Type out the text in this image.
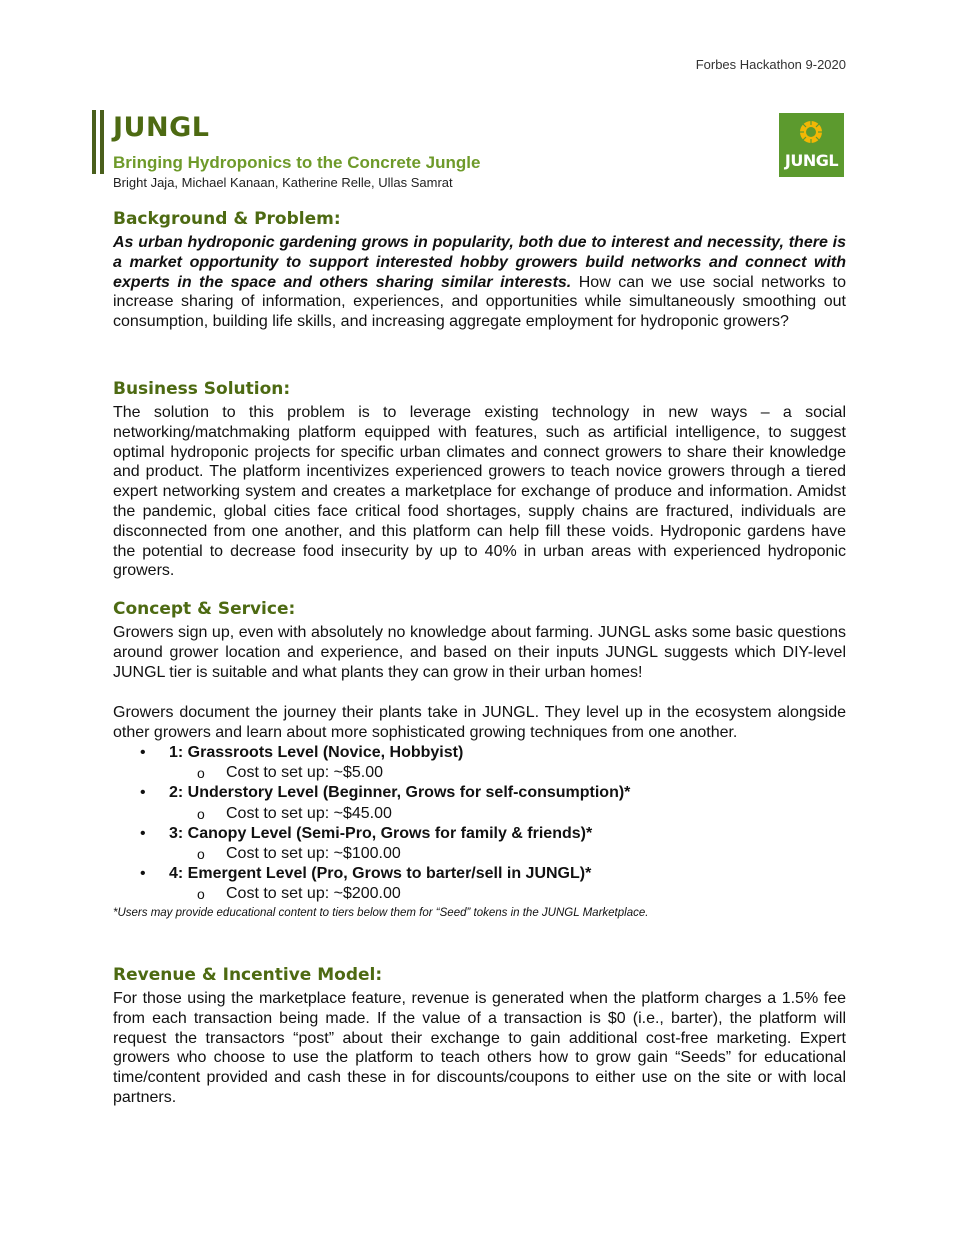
Forbes Hackathon 9-2020
JUNGL
Bringing Hydroponics to the Concrete Jungle
Bright Jaja, Michael Kanaan, Katherine Relle, Ullas Samrat
JUNGL
Background & Problem:

As urban hydroponic gardening grows in popularity, both due to interest and necessity, there is a market opportunity to support interested hobby growers build networks and connect with experts in the space and others sharing similar interests. How can we use social networks to increase sharing of information, experiences, and opportunities while simultaneously smoothing out consumption, building life skills, and increasing aggregate employment for hydroponic growers?

Business Solution:

The solution to this problem is to leverage existing technology in new ways – a social networking/matchmaking platform equipped with features, such as artificial intelligence, to suggest optimal hydroponic projects for specific urban climates and connect growers to share their knowledge and product. The platform incentivizes experienced growers to teach novice growers through a tiered expert networking system and creates a marketplace for exchange of produce and information. Amidst the pandemic, global cities face critical food shortages, supply chains are fractured, individuals are disconnected from one another, and this platform can help fill these voids. Hydroponic gardens have the potential to decrease food insecurity by up to 40% in urban areas with experienced hydroponic growers.

Concept & Service:

Growers sign up, even with absolutely no knowledge about farming. JUNGL asks some basic questions around grower location and experience, and based on their inputs JUNGL suggests which DIY-level JUNGL tier is suitable and what plants they can grow in their urban homes!

Growers document the journey their plants take in JUNGL. They level up in the ecosystem alongside other growers and learn about more sophisticated growing techniques from one another.

• 1: Grassroots Level (Novice, Hobbyist)
o Cost to set up: ~$5.00
• 2: Understory Level (Beginner, Grows for self-consumption)*
o Cost to set up: ~$45.00
• 3: Canopy Level (Semi-Pro, Grows for family & friends)*
o Cost to set up: ~$100.00
• 4: Emergent Level (Pro, Grows to barter/sell in JUNGL)*
o Cost to set up: ~$200.00
*Users may provide educational content to tiers below them for “Seed” tokens in the JUNGL Marketplace.
Revenue & Incentive Model:

For those using the marketplace feature, revenue is generated when the platform charges a 1.5% fee from each transaction being made. If the value of a transaction is $0 (i.e., barter), the platform will request the transactors “post” about their exchange to gain additional cost-free marketing. Expert growers who choose to use the platform to teach others how to grow gain “Seeds” for educational time/content provided and cash these in for discounts/coupons to either use on the site or with local partners.
